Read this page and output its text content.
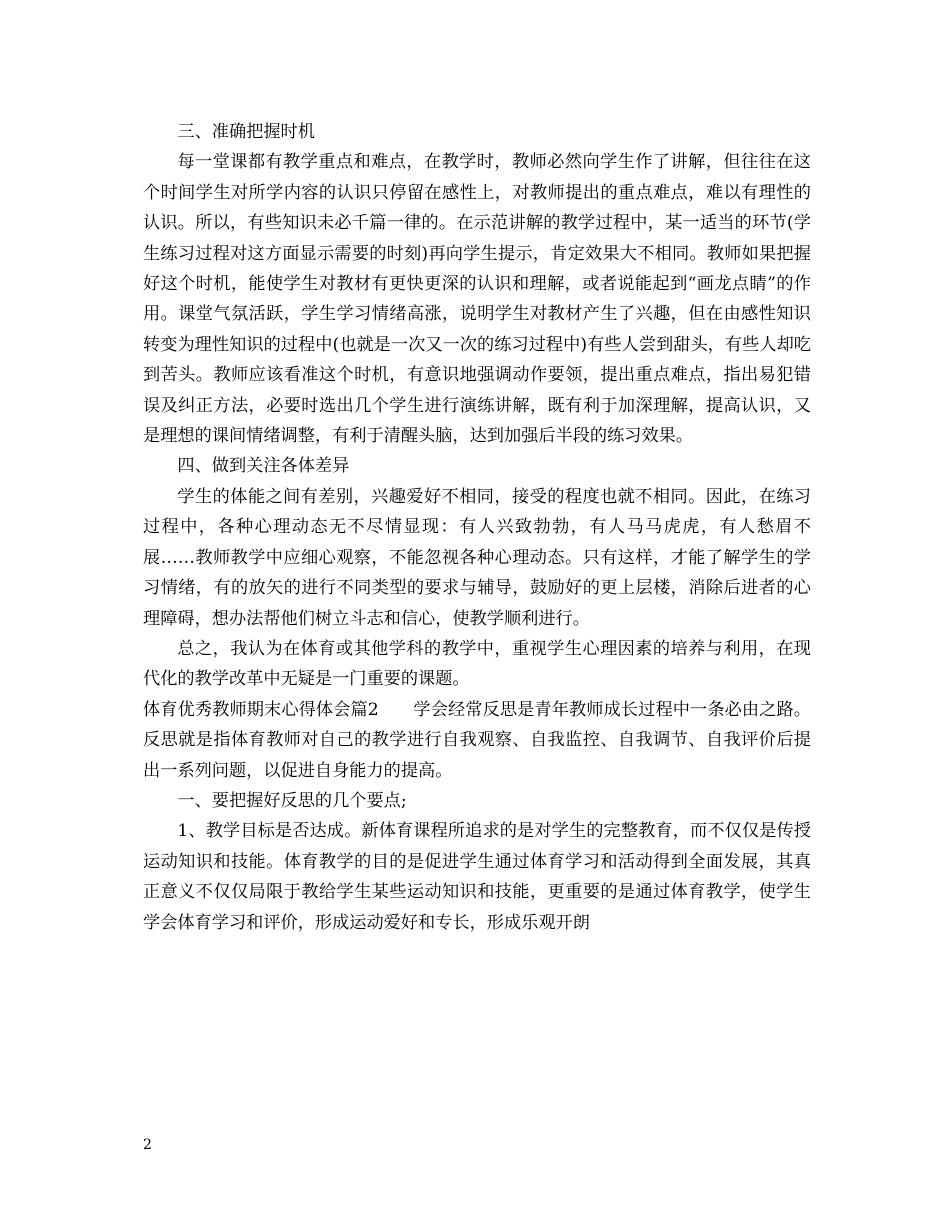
三、准确把握时机

每一堂课都有教学重点和难点，在教学时，教师必然向学生作了讲解，但往往在这个时间学生对所学内容的认识只停留在感性上，对教师提出的重点难点，难以有理性的认识。所以，有些知识未必千篇一律的。在示范讲解的教学过程中，某一适当的环节(学生练习过程对这方面显示需要的时刻)再向学生提示，肯定效果大不相同。教师如果把握好这个时机，能使学生对教材有更快更深的认识和理解，或者说能起到“画龙点睛”的作用。课堂气氛活跃，学生学习情绪高涨，说明学生对教材产生了兴趣，但在由感性知识转变为理性知识的过程中(也就是一次又一次的练习过程中)有些人尝到甜头，有些人却吃到苦头。教师应该看准这个时机，有意识地强调动作要领，提出重点难点，指出易犯错误及纠正方法，必要时选出几个学生进行演练讲解，既有利于加深理解，提高认识，又是理想的课间情绪调整，有利于清醒头脑，达到加强后半段的练习效果。

四、做到关注各体差异

学生的体能之间有差别，兴趣爱好不相同，接受的程度也就不相同。因此，在练习过程中，各种心理动态无不尽情显现：有人兴致勃勃，有人马马虎虎，有人愁眉不展……教师教学中应细心观察，不能忽视各种心理动态。只有这样，才能了解学生的学习情绪，有的放矢的进行不同类型的要求与辅导，鼓励好的更上层楼，消除后进者的心理障碍，想办法帮他们树立斗志和信心，使教学顺利进行。

总之，我认为在体育或其他学科的教学中，重视学生心理因素的培养与利用，在现代化的教学改革中无疑是一门重要的课题。

体育优秀教师期末心得体会篇2　　学会经常反思是青年教师成长过程中一条必由之路。反思就是指体育教师对自己的教学进行自我观察、自我监控、自我调节、自我评价后提出一系列问题，以促进自身能力的提高。

一、要把握好反思的几个要点;

1、教学目标是否达成。新体育课程所追求的是对学生的完整教育，而不仅仅是传授运动知识和技能。体育教学的目的是促进学生通过体育学习和活动得到全面发展，其真正意义不仅仅局限于教给学生某些运动知识和技能，更重要的是通过体育教学，使学生学会体育学习和评价，形成运动爱好和专长，形成乐观开朗

2
